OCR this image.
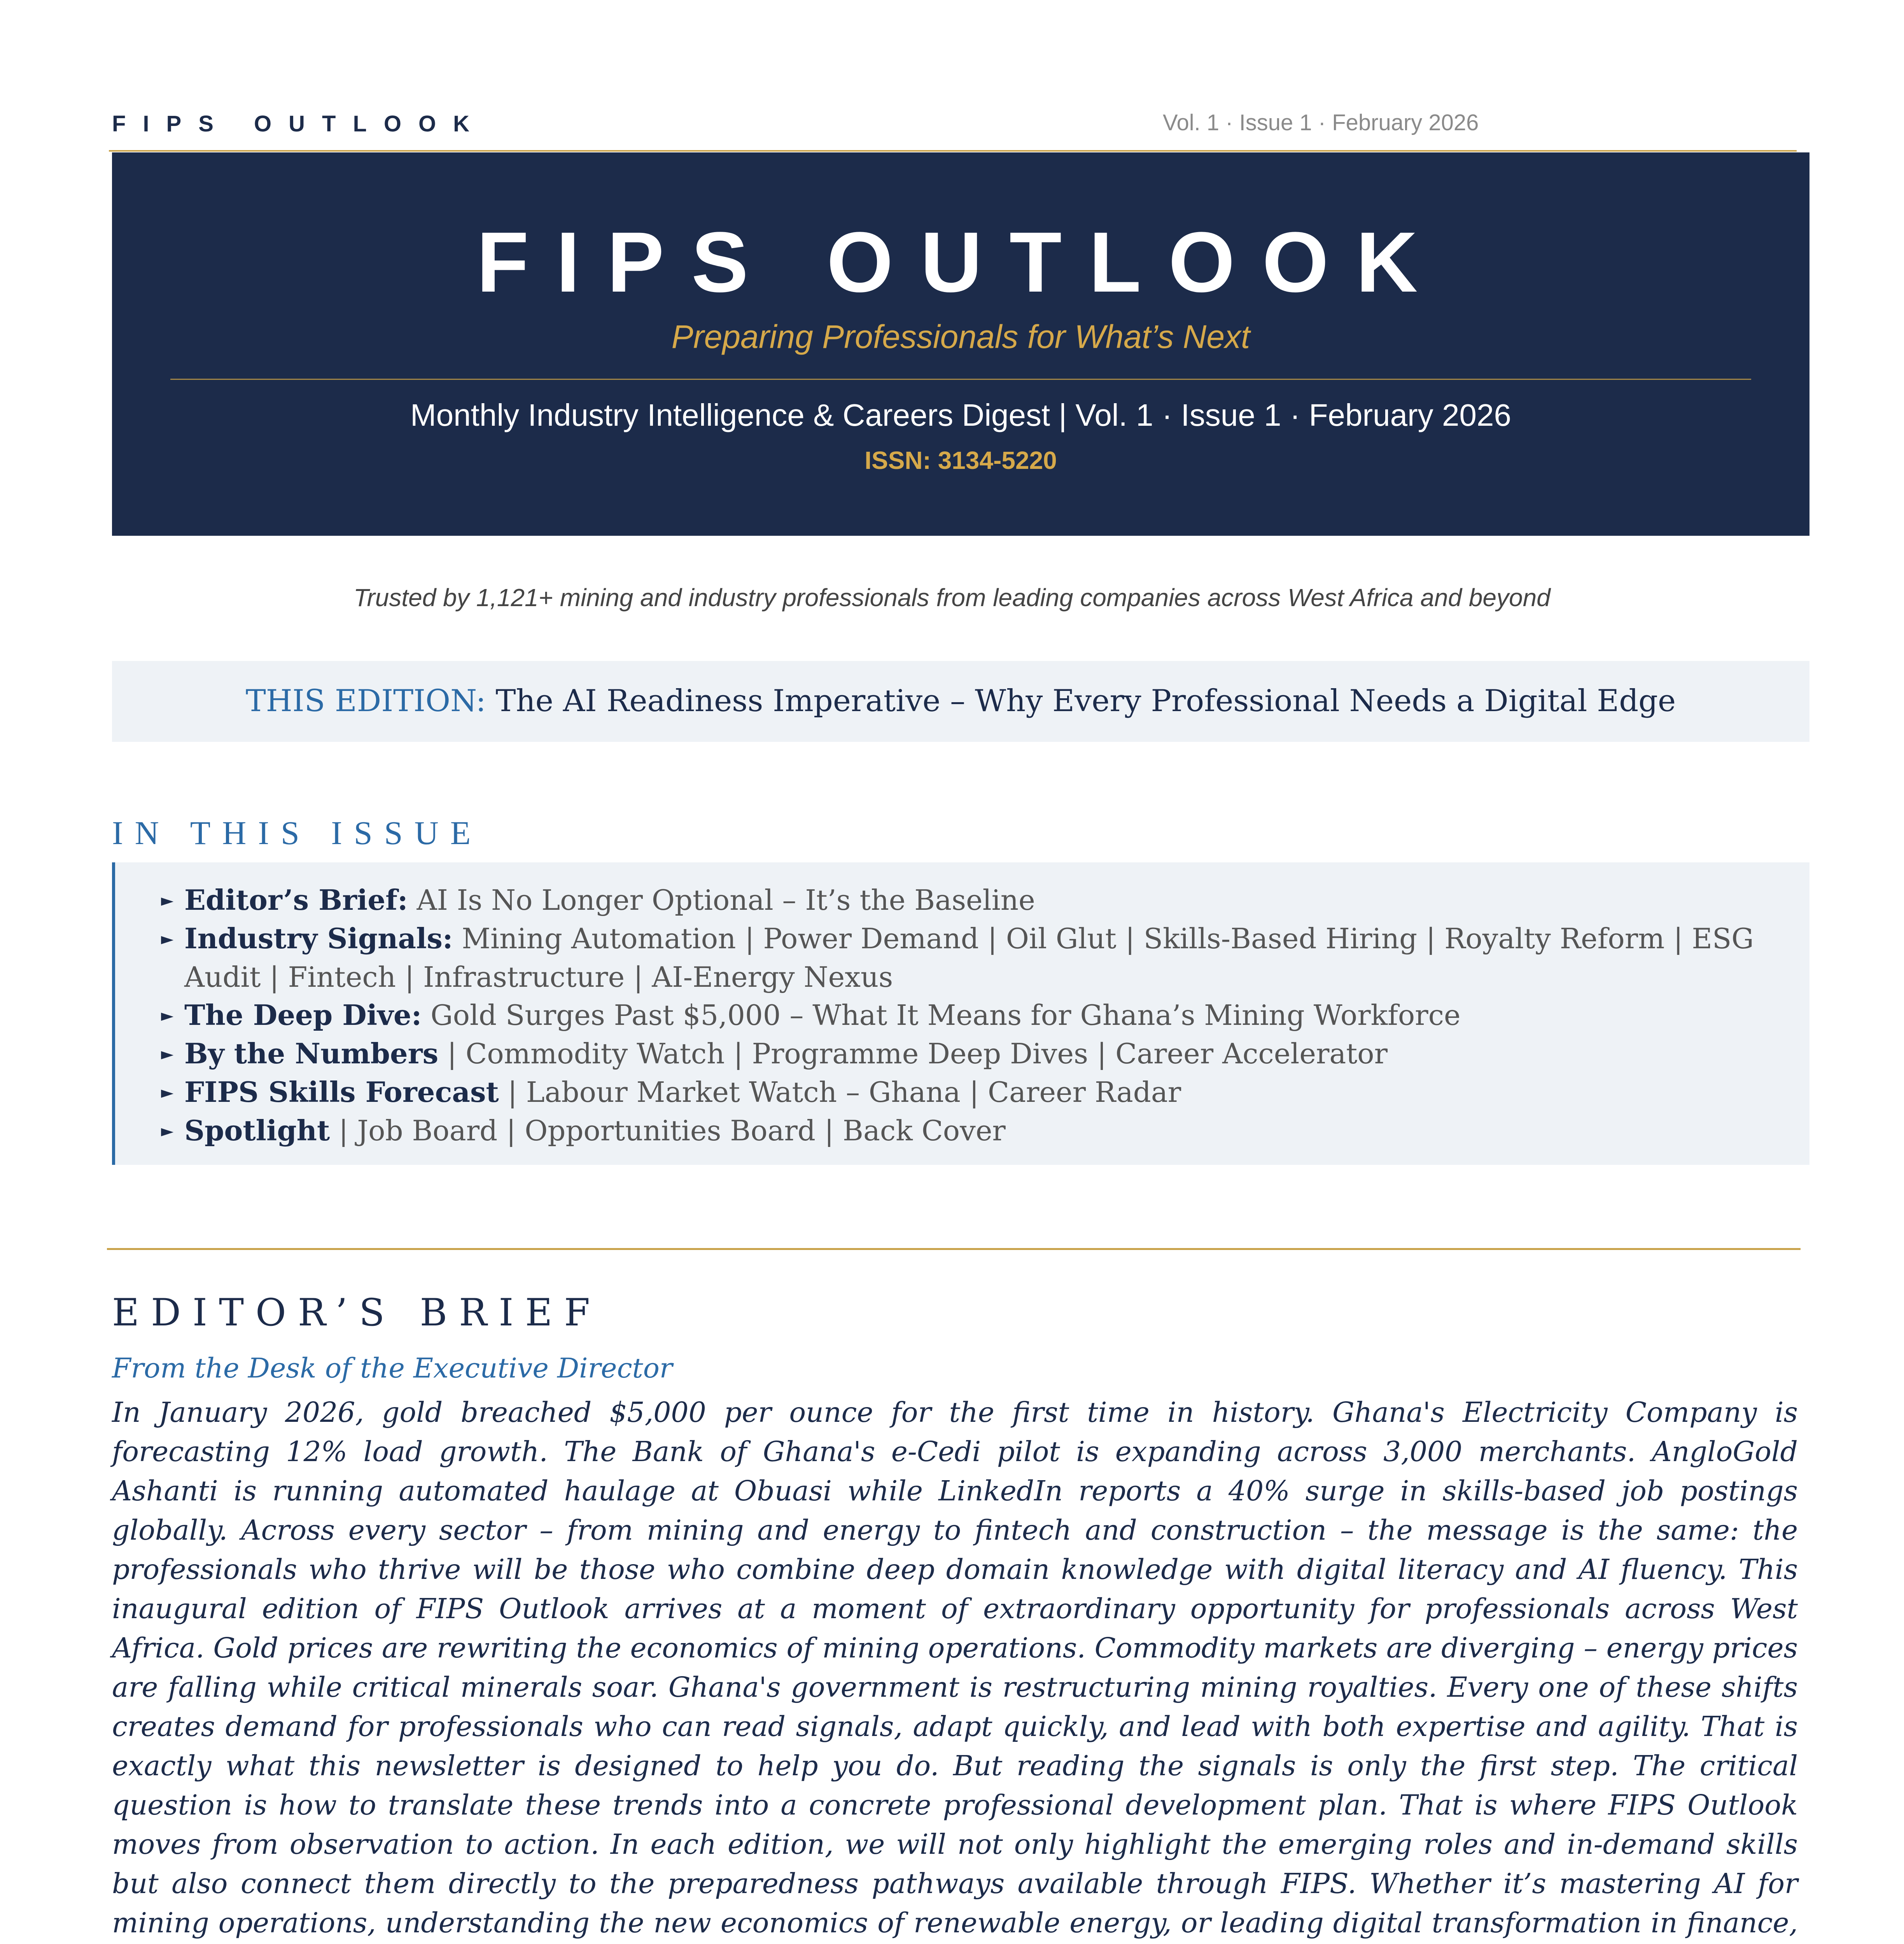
FIPS OUTLOOK	Vol. 1 · Issue 1 · February 2026
FIPS OUTLOOK
Preparing Professionals for What’s Next
Monthly Industry Intelligence & Careers Digest | Vol. 1 · Issue 1 · February 2026
ISSN: 3134-5220
Trusted by 1,121+ mining and industry professionals from leading companies across West Africa and beyond
THIS EDITION: The AI Readiness Imperative – Why Every Professional Needs a Digital Edge
IN THIS ISSUE
► Editor’s Brief: AI Is No Longer Optional – It’s the Baseline
► Industry Signals: Mining Automation | Power Demand | Oil Glut | Skills-Based Hiring | Royalty Reform | ESG Audit | Fintech | Infrastructure | AI-Energy Nexus
► The Deep Dive: Gold Surges Past $5,000 – What It Means for Ghana’s Mining Workforce
► By the Numbers | Commodity Watch | Programme Deep Dives | Career Accelerator
► FIPS Skills Forecast | Labour Market Watch – Ghana | Career Radar
► Spotlight | Job Board | Opportunities Board | Back Cover
EDITOR’S BRIEF
From the Desk of the Executive Director

In January 2026, gold breached $5,000 per ounce for the first time in history. Ghana's Electricity Company is forecasting 12% load growth. The Bank of Ghana's e-Cedi pilot is expanding across 3,000 merchants. AngloGold Ashanti is running automated haulage at Obuasi while LinkedIn reports a 40% surge in skills-based job postings globally. Across every sector – from mining and energy to fintech and construction – the message is the same: the professionals who thrive will be those who combine deep domain knowledge with digital literacy and AI fluency. This inaugural edition of FIPS Outlook arrives at a moment of extraordinary opportunity for professionals across West Africa. Gold prices are rewriting the economics of mining operations. Commodity markets are diverging – energy prices are falling while critical minerals soar. Ghana's government is restructuring mining royalties. Every one of these shifts creates demand for professionals who can read signals, adapt quickly, and lead with both expertise and agility. That is exactly what this newsletter is designed to help you do. But reading the signals is only the first step. The critical question is how to translate these trends into a concrete professional development plan. That is where FIPS Outlook moves from observation to action. In each edition, we will not only highlight the emerging roles and in-demand skills but also connect them directly to the preparedness pathways available through FIPS. Whether it’s mastering AI for mining operations, understanding the new economics of renewable energy, or leading digital transformation in finance,
